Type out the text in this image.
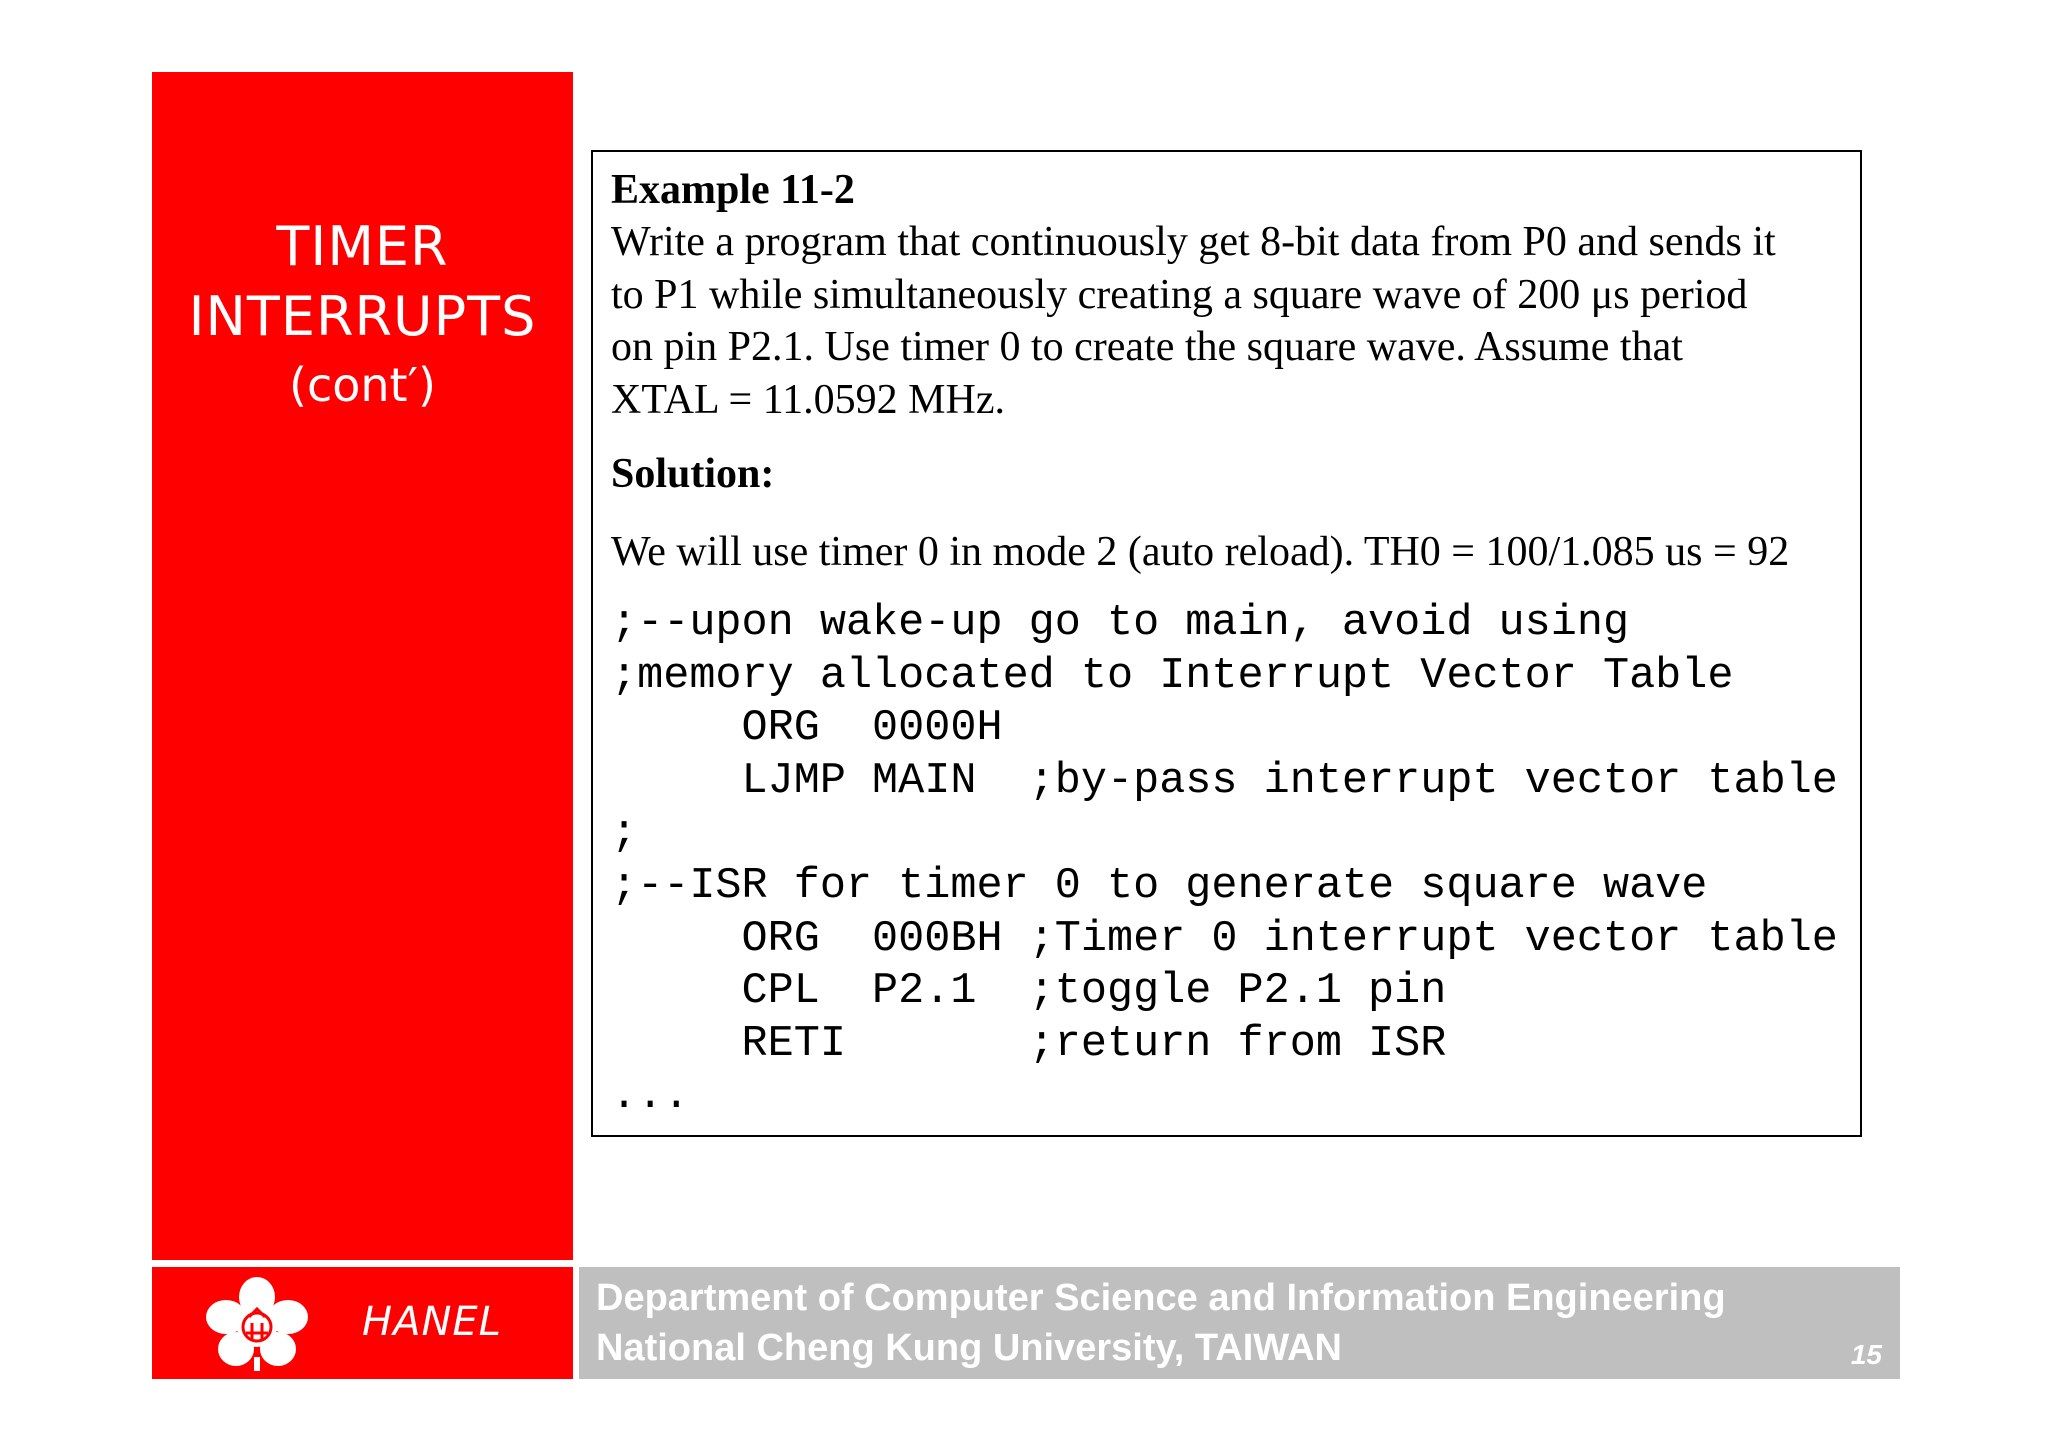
TIMER
INTERRUPTS
(cont′)
HANEL
Department of Computer Science and Information Engineering
National Cheng Kung University, TAIWAN	15
Example 11-2
Write a program that continuously get 8-bit data from P0 and sends it
to P1 while simultaneously creating a square wave of 200 μs period
on pin P2.1. Use timer 0 to create the square wave. Assume that
XTAL = 11.0592 MHz.
Solution:
We will use timer 0 in mode 2 (auto reload). TH0 = 100/1.085 us = 92
;--upon wake-up go to main, avoid using
;memory allocated to Interrupt Vector Table
ORG  0000H
LJMP MAIN  ;by-pass interrupt vector table
;
;--ISR for timer 0 to generate square wave
ORG  000BH ;Timer 0 interrupt vector table
CPL  P2.1  ;toggle P2.1 pin
RETI       ;return from ISR
...
